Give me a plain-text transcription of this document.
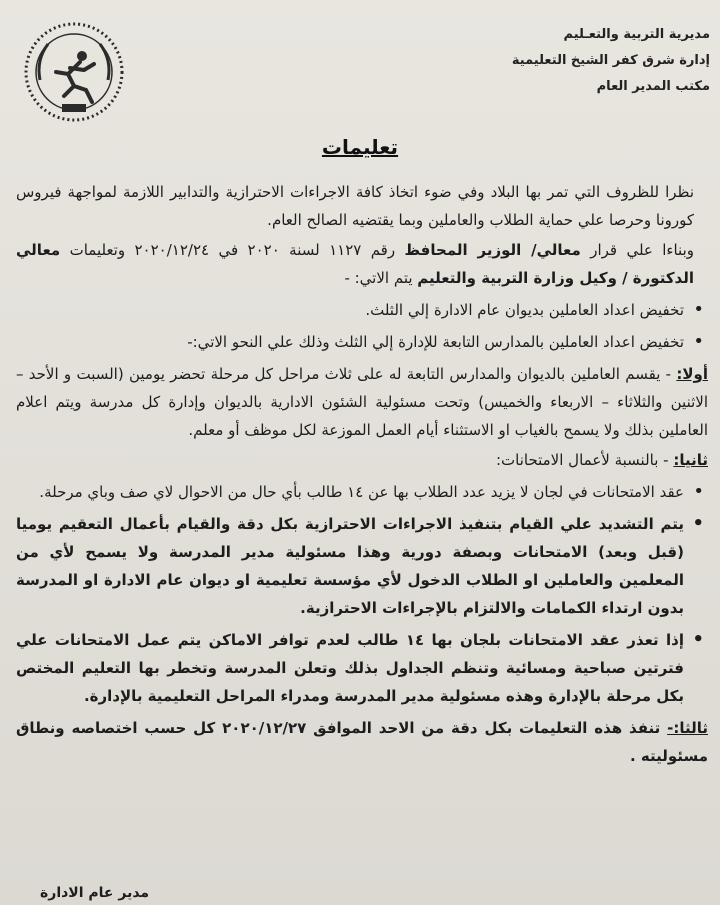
مديرية التربية والتعـليم
إدارة شرق كفر الشيخ التعليمية
مكتب المدير العام
تعليمات

نظرا للظروف التي تمر بها البلاد وفي ضوء اتخاذ كافة الاجراءات الاحترازية والتدابير اللازمة لمواجهة فيروس كورونا وحرصا علي حماية الطلاب والعاملين وبما يقتضيه الصالح العام.

وبناءا علي قرار معالي/ الوزير المحافظ رقم ١١٢٧ لسنة ٢٠٢٠ في ٢٠٢٠/١٢/٢٤ وتعليمات معالي الدكتورة / وكيل وزارة التربية والتعليم يتم الاتي: -

• تخفيض اعداد العاملين بديوان عام الادارة إلي الثلث.
• تخفيض اعداد العاملين بالمدارس التابعة للإدارة إلي الثلث وذلك علي النحو الاتي:-

أولا: - يقسم العاملين بالديوان والمدارس التابعة له على ثلاث مراحل كل مرحلة تحضر يومين (السبت و الأحد – الاثنين والثلاثاء – الاربعاء والخميس) وتحت مسئولية الشئون الادارية بالديوان وإدارة كل مدرسة ويتم اعلام العاملين بذلك ولا يسمح بالغياب او الاستثناء أيام العمل الموزعة لكل موظف أو معلم.

ثانيا: - بالنسبة لأعمال الامتحانات:

• عقد الامتحانات في لجان لا يزيد عدد الطلاب بها عن ١٤ طالب بأي حال من الاحوال لاي صف وباي مرحلة.
• يتم التشديد علي القيام بتنفيذ الاجراءات الاحترازية بكل دقة والقيام بأعمال التعقيم يوميا (قبل وبعد) الامتحانات وبصفة دورية وهذا مسئولية مدير المدرسة ولا يسمح لأي من المعلمين والعاملين او الطلاب الدخول لأي مؤسسة تعليمية او ديوان عام الادارة او المدرسة بدون ارتداء الكمامات والالتزام بالإجراءات الاحترازية.
• إذا تعذر عقد الامتحانات بلجان بها ١٤ طالب لعدم توافر الاماكن يتم عمل الامتحانات علي فترتين صباحية ومسائية وتنظم الجداول بذلك وتعلن المدرسة وتخطر بها التعليم المختص بكل مرحلة بالإدارة وهذه مسئولية مدير المدرسة ومدراء المراحل التعليمية بالإدارة.

ثالثا:- تنفذ هذه التعليمات بكل دقة من الاحد الموافق ٢٠٢٠/١٢/٢٧ كل حسب اختصاصه ونطاق مسئوليته .

مدير عام الادارة
